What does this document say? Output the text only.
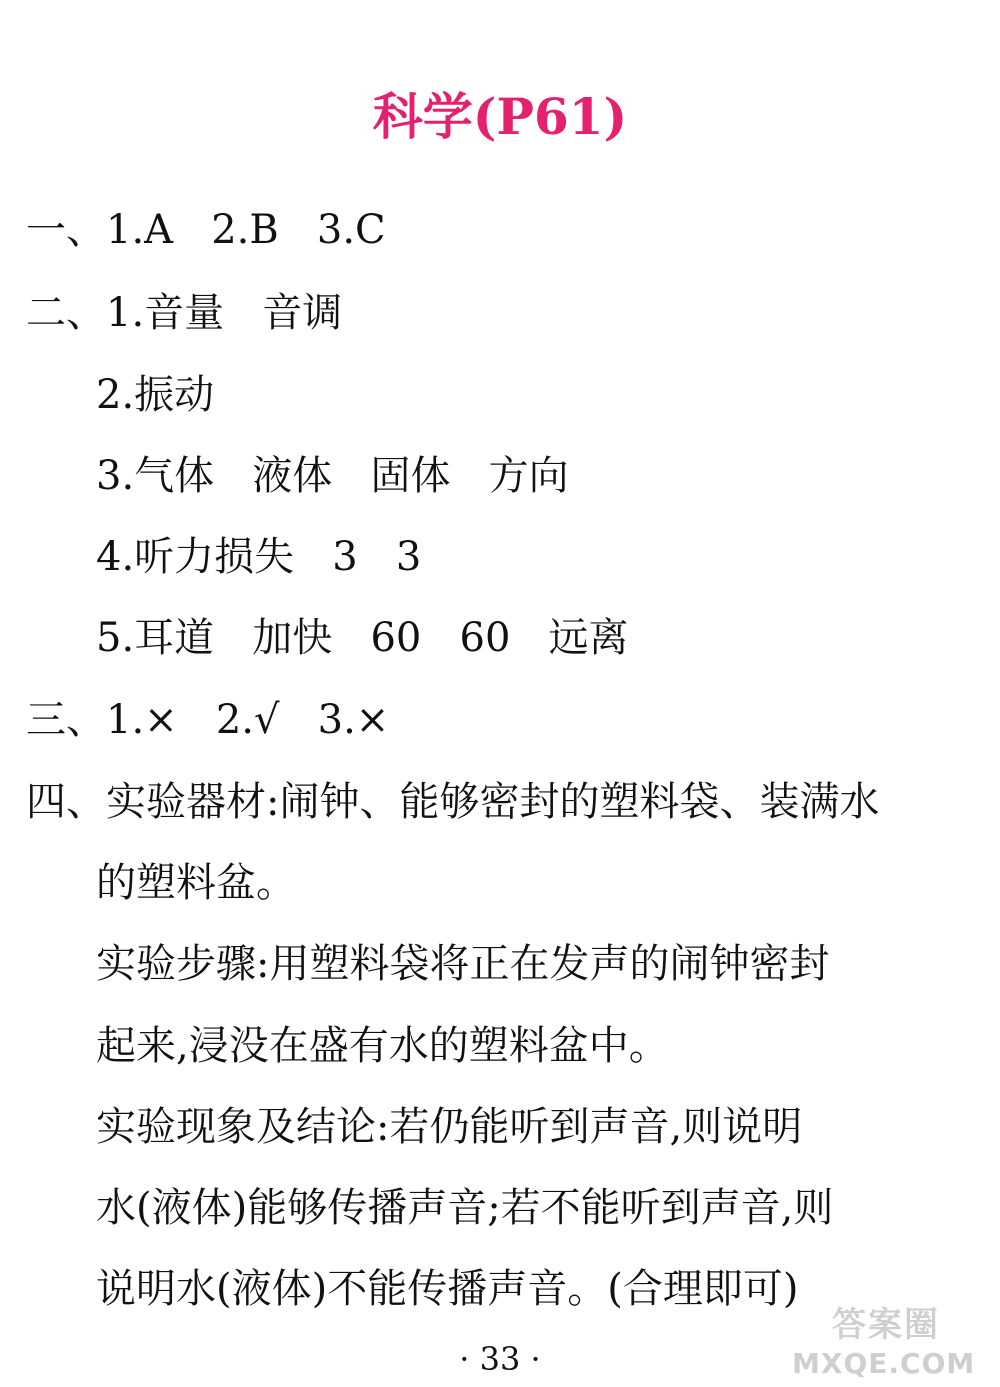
科学(P61)
一、1.A   2.B   3.C
二、1.音量   音调
2.振动
3.气体   液体   固体   方向
4.听力损失   3   3
5.耳道   加快   60   60   远离
三、1.×   2.√   3.×
四、实验器材:闹钟、能够密封的塑料袋、装满水
的塑料盆。
实验步骤:用塑料袋将正在发声的闹钟密封
起来,浸没在盛有水的塑料盆中。
实验现象及结论:若仍能听到声音,则说明
水(液体)能够传播声音;若不能听到声音,则
说明水(液体)不能传播声音。(合理即可)
· 33 ·
答案圈
MXQE.COM
